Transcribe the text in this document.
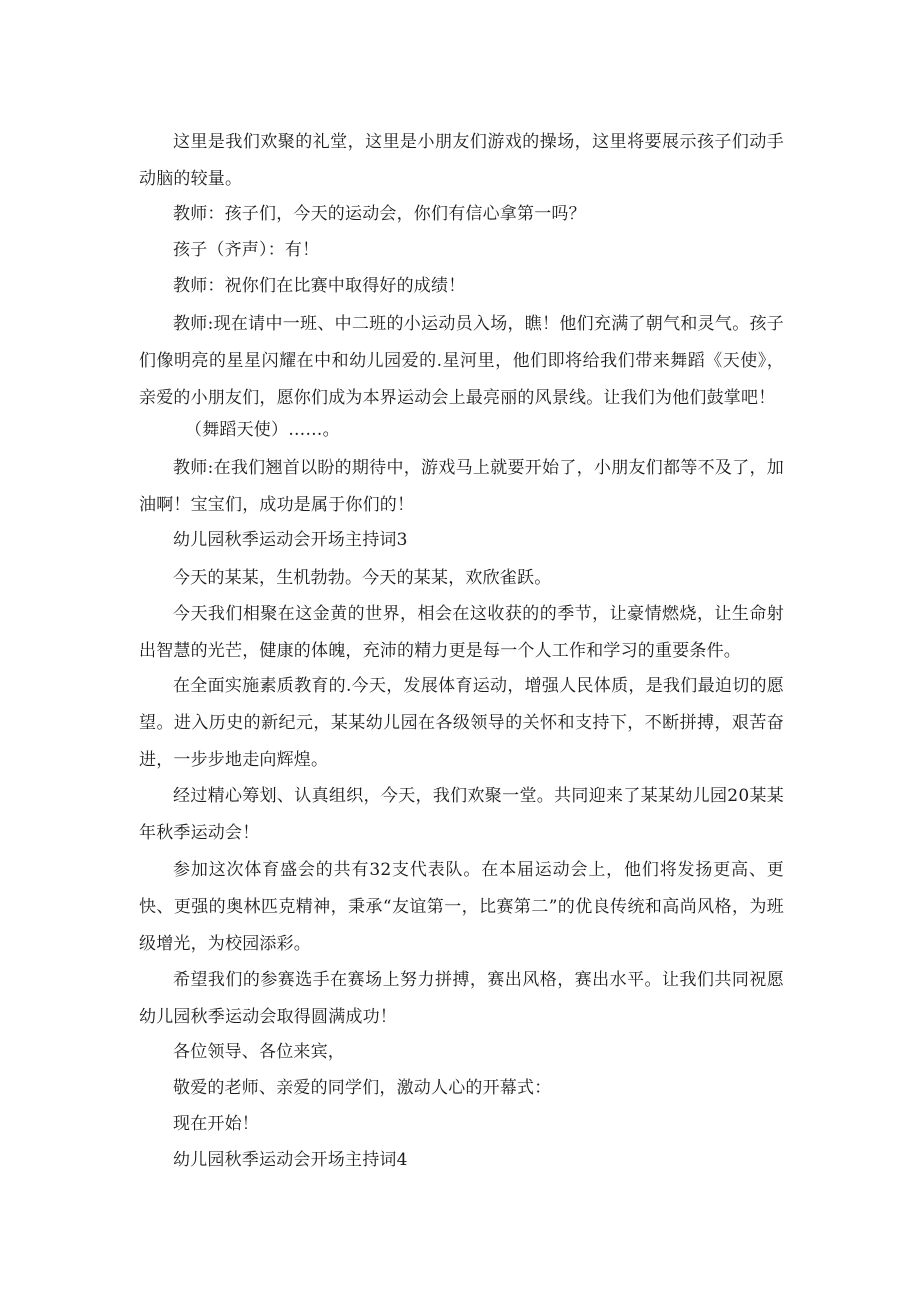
这里是我们欢聚的礼堂，这里是小朋友们游戏的操场，这里将要展示孩子们动手动脑的较量。

教师：孩子们，今天的运动会，你们有信心拿第一吗？

孩子（齐声）：有！

教师：祝你们在比赛中取得好的成绩！

教师:现在请中一班、中二班的小运动员入场，瞧！他们充满了朝气和灵气。孩子们像明亮的星星闪耀在中和幼儿园爱的.星河里，他们即将给我们带来舞蹈《天使》，亲爱的小朋友们，愿你们成为本界运动会上最亮丽的风景线。让我们为他们鼓掌吧！

（舞蹈天使）……。

教师:在我们翘首以盼的期待中，游戏马上就要开始了，小朋友们都等不及了，加油啊！宝宝们，成功是属于你们的！

幼儿园秋季运动会开场主持词3

今天的某某，生机勃勃。今天的某某，欢欣雀跃。

今天我们相聚在这金黄的世界，相会在这收获的的季节，让豪情燃烧，让生命射出智慧的光芒，健康的体魄，充沛的精力更是每一个人工作和学习的重要条件。

在全面实施素质教育的.今天，发展体育运动，增强人民体质，是我们最迫切的愿望。进入历史的新纪元，某某幼儿园在各级领导的关怀和支持下，不断拼搏，艰苦奋进，一步步地走向辉煌。

经过精心筹划、认真组织，今天，我们欢聚一堂。共同迎来了某某幼儿园20某某年秋季运动会！

参加这次体育盛会的共有32支代表队。在本届运动会上，他们将发扬更高、更快、更强的奥林匹克精神，秉承“友谊第一，比赛第二”的优良传统和高尚风格，为班级增光，为校园添彩。

希望我们的参赛选手在赛场上努力拼搏，赛出风格，赛出水平。让我们共同祝愿幼儿园秋季运动会取得圆满成功！

各位领导、各位来宾，

敬爱的老师、亲爱的同学们，激动人心的开幕式：

现在开始！

幼儿园秋季运动会开场主持词4
